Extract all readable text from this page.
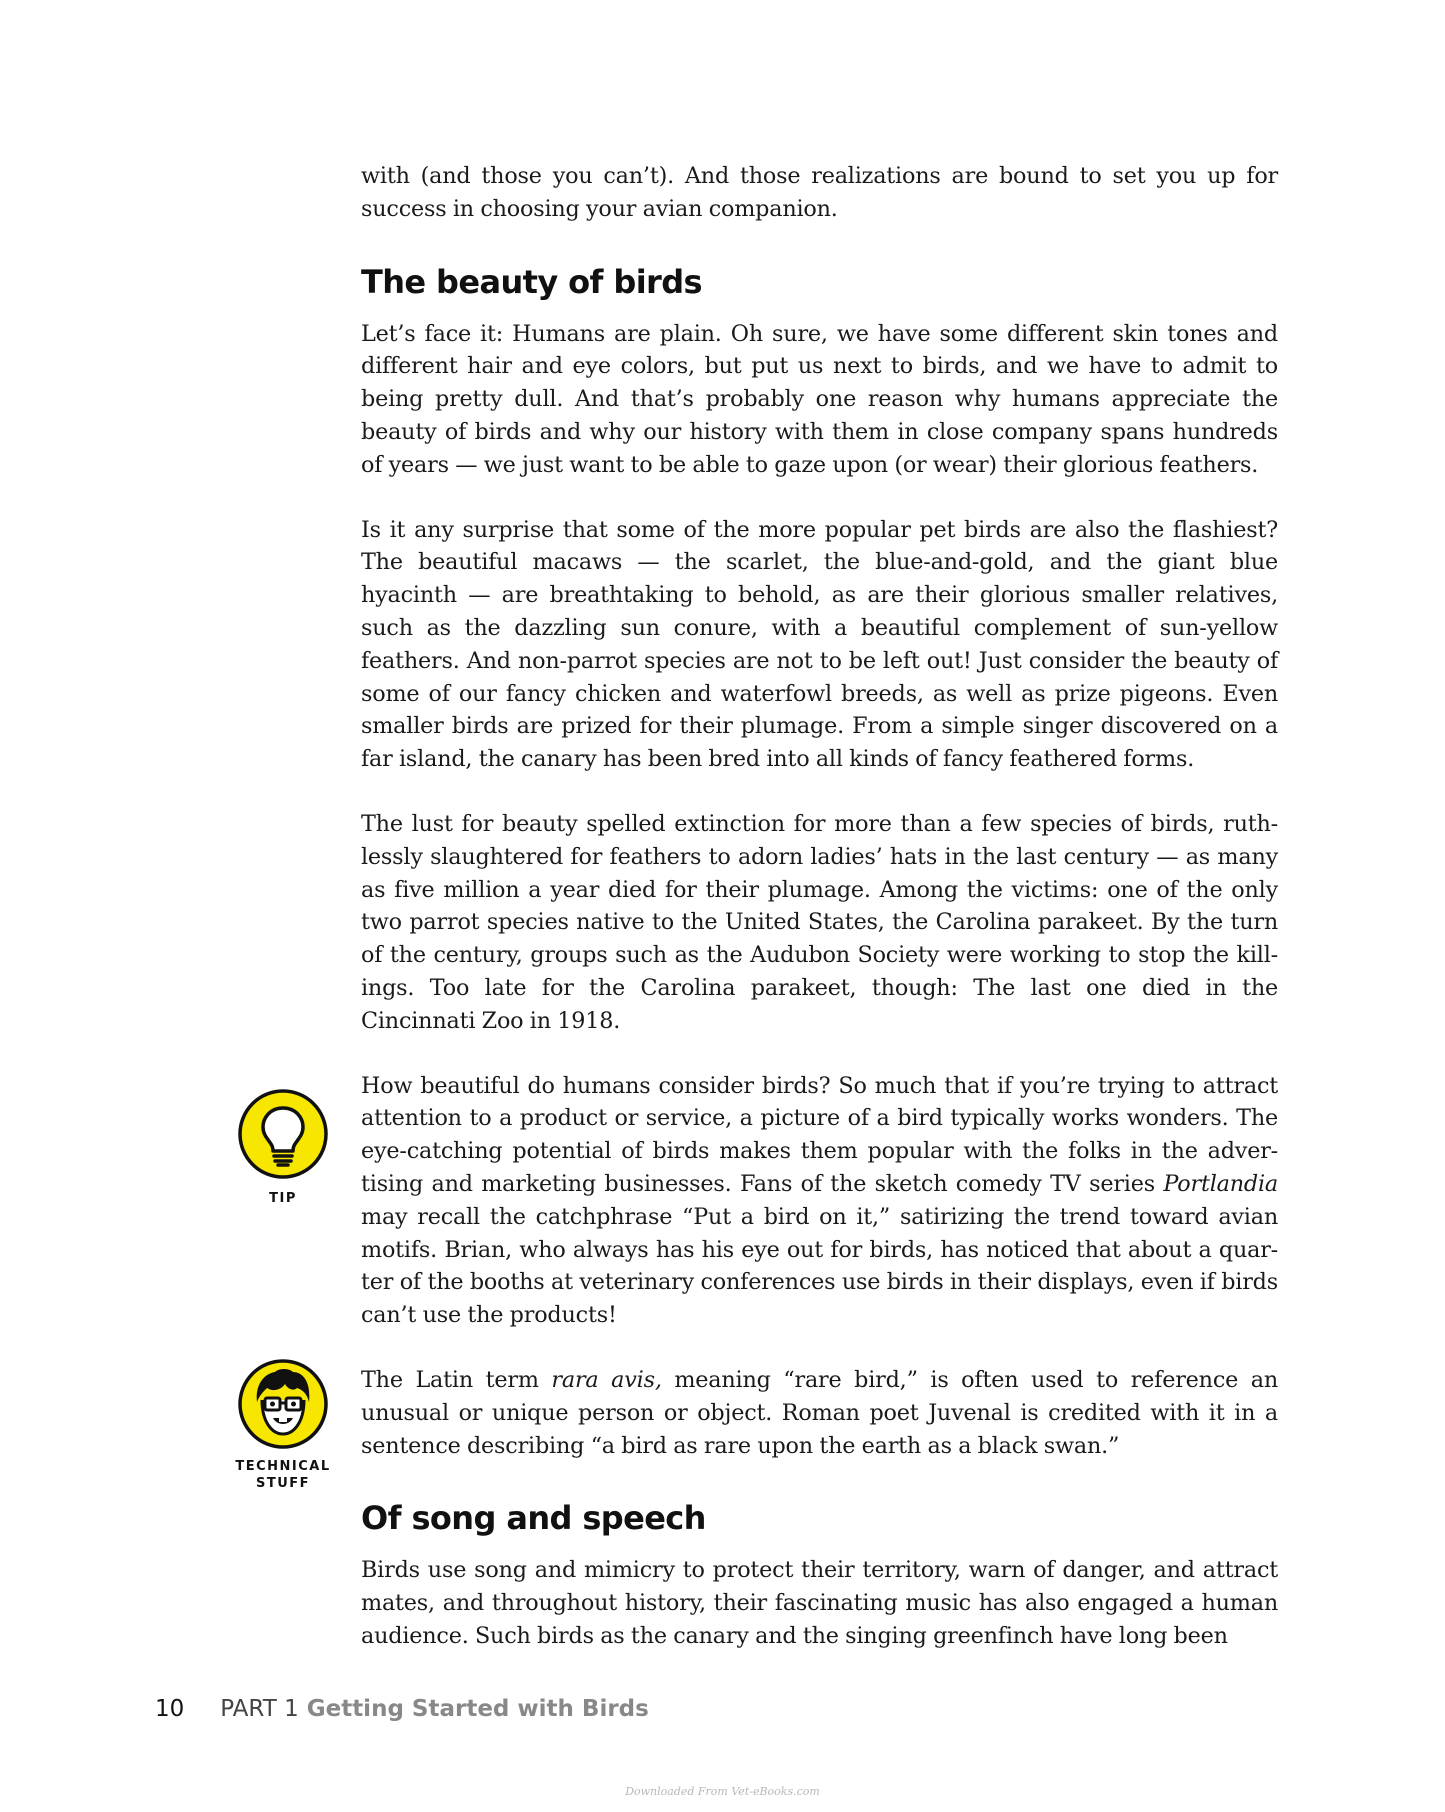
with (and those you can’t). And those realizations are bound to set you up for success in choosing your avian companion.

The beauty of birds

Let’s face it: Humans are plain. Oh sure, we have some different skin tones and different hair and eye colors, but put us next to birds, and we have to admit to being pretty dull. And that’s probably one reason why humans appreciate the beauty of birds and why our history with them in close company spans hundreds of years — we just want to be able to gaze upon (or wear) their glorious feathers.

Is it any surprise that some of the more popular pet birds are also the flashiest? The beautiful macaws — the scarlet, the blue-and-gold, and the giant blue hyacinth — are breathtaking to behold, as are their glorious smaller relatives, such as the dazzling sun conure, with a beautiful complement of sun-yellow feathers. And non-parrot species are not to be left out! Just consider the beauty of some of our fancy chicken and waterfowl breeds, as well as prize pigeons. Even smaller birds are prized for their plumage. From a simple singer discovered on a far island, the canary has been bred into all kinds of fancy feathered forms.

The lust for beauty spelled extinction for more than a few species of birds, ruth-lessly slaughtered for feathers to adorn ladies’ hats in the last century — as many as five million a year died for their plumage. Among the victims: one of the only two parrot species native to the United States, the Carolina parakeet. By the turn of the century, groups such as the Audubon Society were working to stop the kill-ings. Too late for the Carolina parakeet, though: The last one died in the Cincinnati Zoo in 1918.

How beautiful do humans consider birds? So much that if you’re trying to attract attention to a product or service, a picture of a bird typically works wonders. The eye-catching potential of birds makes them popular with the folks in the adver-tising and marketing businesses. Fans of the sketch comedy TV series Portlandia may recall the catchphrase “Put a bird on it,” satirizing the trend toward avian motifs. Brian, who always has his eye out for birds, has noticed that about a quar-ter of the booths at veterinary conferences use birds in their displays, even if birds can’t use the products!

The Latin term rara avis, meaning “rare bird,” is often used to reference an unusual or unique person or object. Roman poet Juvenal is credited with it in a sentence describing “a bird as rare upon the earth as a black swan.”

Of song and speech

Birds use song and mimicry to protect their territory, warn of danger, and attract mates, and throughout history, their fascinating music has also engaged a human audience. Such birds as the canary and the singing greenfinch have long been

TIP
TECHNICAL
STUFF
10 PART 1 Getting Started with Birds
Downloaded From Vet-eBooks.com
